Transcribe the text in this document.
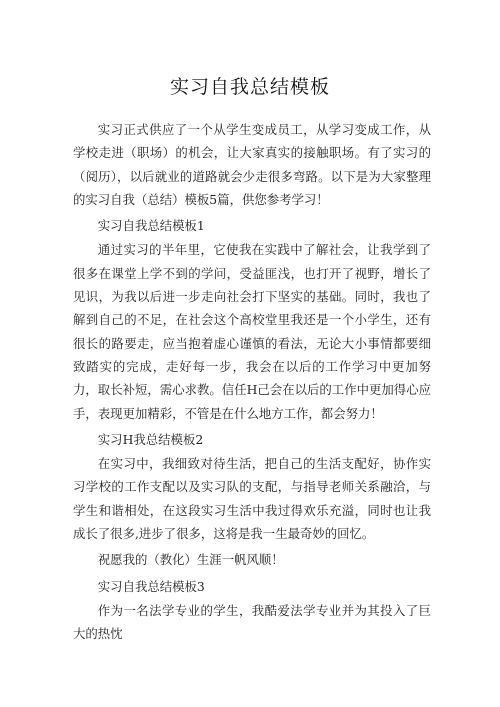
实习自我总结模板

实习正式供应了一个从学生变成员工，从学习变成工作，从学校走进（职场）的机会，让大家真实的接触职场。有了实习的（阅历），以后就业的道路就会少走很多弯路。以下是为大家整理的实习自我（总结）模板5篇，供您参考学习！

实习自我总结模板1

通过实习的半年里，它使我在实践中了解社会，让我学到了很多在课堂上学不到的学问，受益匪浅，也打开了视野，增长了见识，为我以后进一步走向社会打下坚实的基础。同时，我也了解到自己的不足，在社会这个高校堂里我还是一个小学生，还有很长的路要走，应当抱着虚心谨慎的看法，无论大小事情都要细致踏实的完成，走好每一步，我会在以后的工作学习中更加努力，取长补短，需心求教。信任H己会在以后的工作中更加得心应手，表现更加精彩，不管是在什么地方工作，都会努力！

实习H我总结模板2

在实习中，我细致对待生活，把自己的生活支配好，协作实习学校的工作支配以及实习队的支配，与指导老师关系融洽，与学生和谐相处，在这段实习生活中我过得欢乐充溢，同时也让我成长了很多,进步了很多，这将是我一生最奇妙的回忆。

祝愿我的（教化）生涯一帆风顺！

实习自我总结模板3

作为一名法学专业的学生，我酷爱法学专业并为其投入了巨大的热忱
